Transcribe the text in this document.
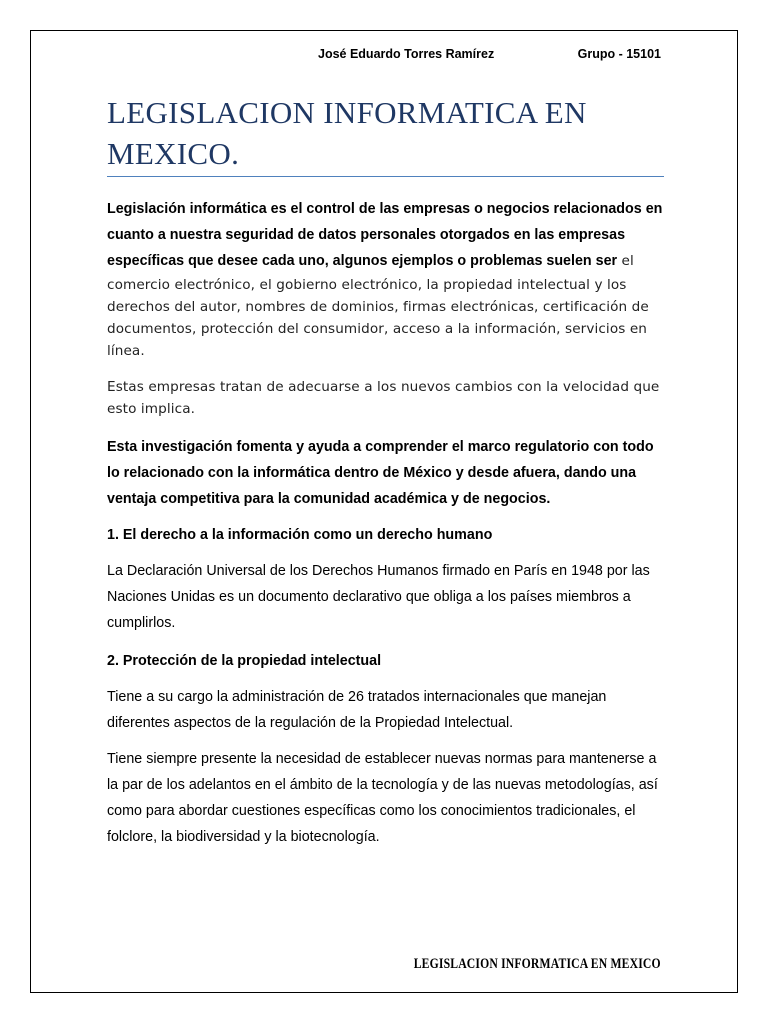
José Eduardo Torres Ramírez	Grupo - 15101
LEGISLACION INFORMATICA EN MEXICO.

Legislación informática es el control de las empresas o negocios relacionados en cuanto a nuestra seguridad de datos personales otorgados en las empresas específicas que desee cada uno, algunos ejemplos o problemas suelen ser el comercio electrónico, el gobierno electrónico, la propiedad intelectual y los derechos del autor, nombres de dominios, firmas electrónicas, certificación de documentos, protección del consumidor, acceso a la información, servicios en línea.

Estas empresas tratan de adecuarse a los nuevos cambios con la velocidad que esto implica.

Esta investigación fomenta y ayuda a comprender el marco regulatorio con todo lo relacionado con la informática dentro de México y desde afuera, dando una ventaja competitiva para la comunidad académica y de negocios.

1. El derecho a la información como un derecho humano

La Declaración Universal de los Derechos Humanos firmado en París en 1948 por las Naciones Unidas es un documento declarativo que obliga a los países miembros a cumplirlos.

2. Protección de la propiedad intelectual

Tiene a su cargo la administración de 26 tratados internacionales que manejan diferentes aspectos de la regulación de la Propiedad Intelectual.

Tiene siempre presente la necesidad de establecer nuevas normas para mantenerse a la par de los adelantos en el ámbito de la tecnología y de las nuevas metodologías, así como para abordar cuestiones específicas como los conocimientos tradicionales, el folclore, la biodiversidad y la biotecnología.

LEGISLACION INFORMATICA EN MEXICO
